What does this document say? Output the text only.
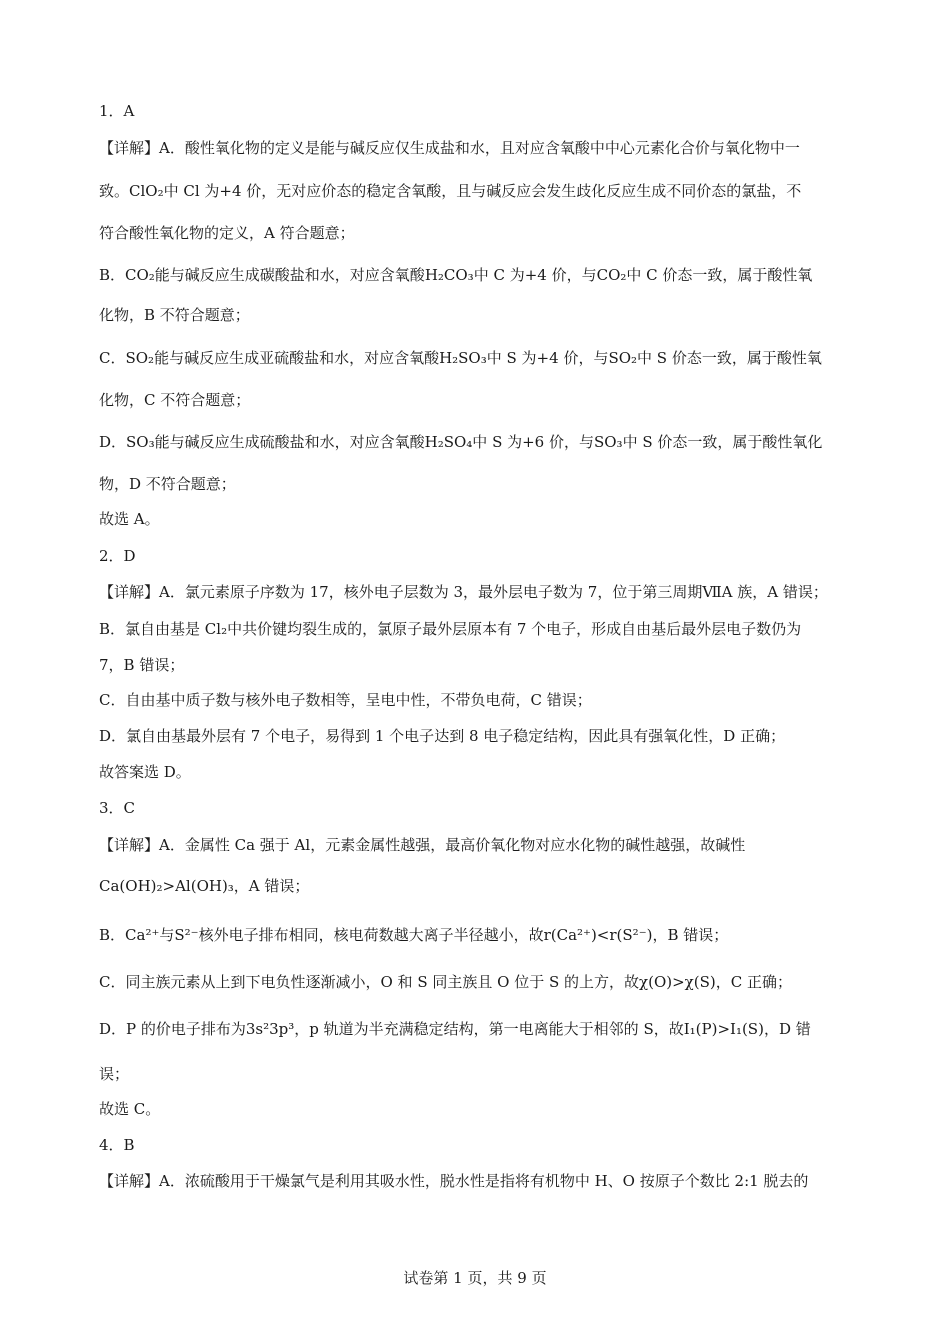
1．A
【详解】A．酸性氧化物的定义是能与碱反应仅生成盐和水，且对应含氧酸中中心元素化合价与氧化物中一
致。ClO₂中 Cl 为+4 价，无对应价态的稳定含氧酸，且与碱反应会发生歧化反应生成不同价态的氯盐，不
符合酸性氧化物的定义，A 符合题意；
B．CO₂能与碱反应生成碳酸盐和水，对应含氧酸H₂CO₃中 C 为+4 价，与CO₂中 C 价态一致，属于酸性氧
化物，B 不符合题意；
C．SO₂能与碱反应生成亚硫酸盐和水，对应含氧酸H₂SO₃中 S 为+4 价，与SO₂中 S 价态一致，属于酸性氧
化物，C 不符合题意；
D．SO₃能与碱反应生成硫酸盐和水，对应含氧酸H₂SO₄中 S 为+6 价，与SO₃中 S 价态一致，属于酸性氧化
物，D 不符合题意；
故选 A。
2．D
【详解】A．氯元素原子序数为 17，核外电子层数为 3，最外层电子数为 7，位于第三周期ⅦA 族，A 错误；
B．氯自由基是 Cl₂中共价键均裂生成的，氯原子最外层原本有 7 个电子，形成自由基后最外层电子数仍为
7，B 错误；
C．自由基中质子数与核外电子数相等，呈电中性，不带负电荷，C 错误；
D．氯自由基最外层有 7 个电子，易得到 1 个电子达到 8 电子稳定结构，因此具有强氧化性，D 正确；
故答案选 D。
3．C
【详解】A．金属性 Ca 强于 Al，元素金属性越强，最高价氧化物对应水化物的碱性越强，故碱性
Ca(OH)₂>Al(OH)₃，A 错误；
B．Ca²⁺与S²⁻核外电子排布相同，核电荷数越大离子半径越小，故r(Ca²⁺)<r(S²⁻)，B 错误；
C．同主族元素从上到下电负性逐渐减小，O 和 S 同主族且 O 位于 S 的上方，故χ(O)>χ(S)，C 正确；
D．P 的价电子排布为3s²3p³，p 轨道为半充满稳定结构，第一电离能大于相邻的 S，故I₁(P)>I₁(S)，D 错
误；
故选 C。
4．B
【详解】A．浓硫酸用于干燥氯气是利用其吸水性，脱水性是指将有机物中 H、O 按原子个数比 2:1 脱去的
试卷第 1 页，共 9 页
